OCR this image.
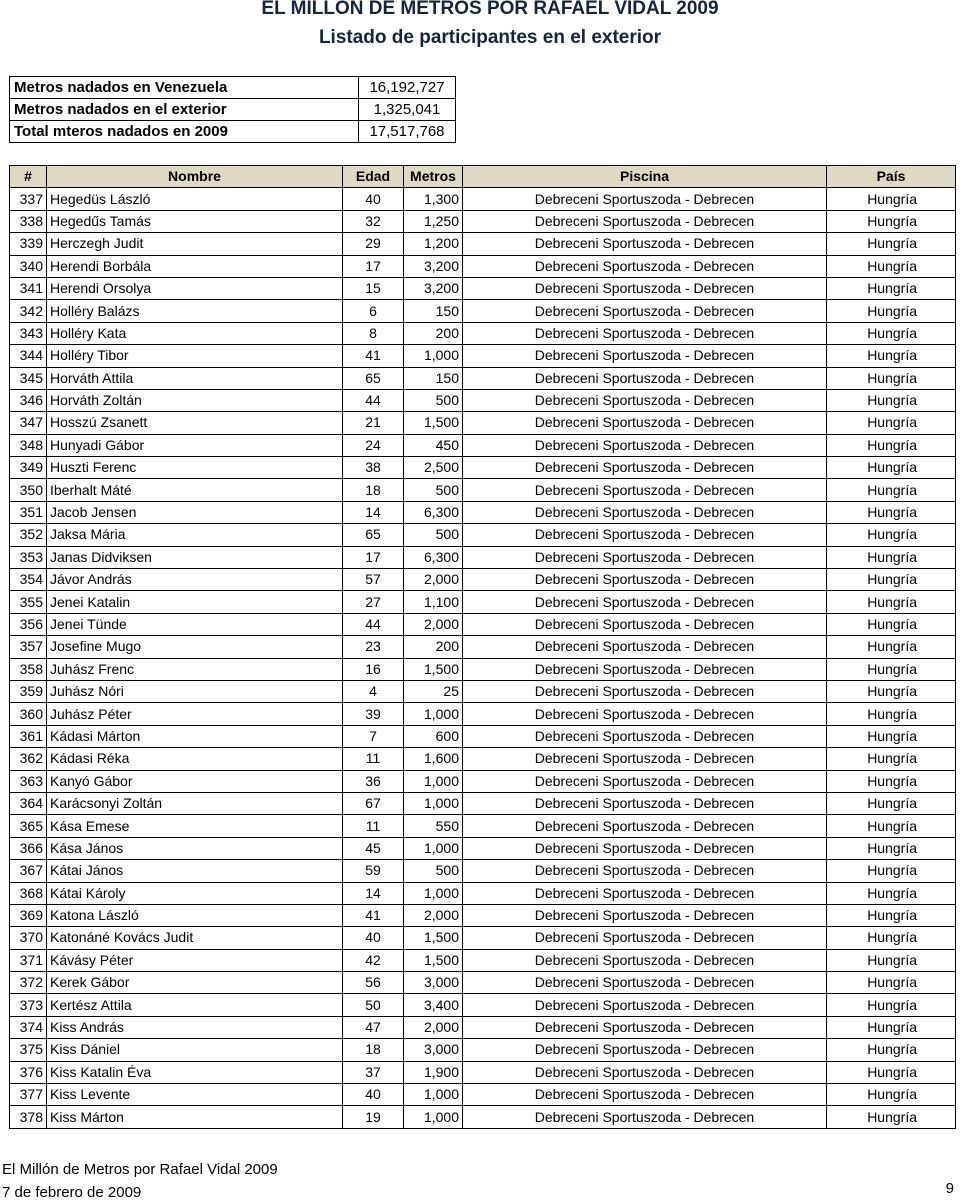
EL MILLON DE METROS POR RAFAEL VIDAL 2009
Listado de participantes en el exterior
Metros nadados en Venezuela	16,192,727
Metros nadados en el exterior	1,325,041
Total mteros nadados en 2009	17,517,768
#	Nombre	Edad	Metros	Piscina	País
337	Hegedüs László	40	1,300	Debreceni Sportuszoda - Debrecen	Hungría
338	Hegedűs Tamás	32	1,250	Debreceni Sportuszoda - Debrecen	Hungría
339	Herczegh Judit	29	1,200	Debreceni Sportuszoda - Debrecen	Hungría
340	Herendi Borbála	17	3,200	Debreceni Sportuszoda - Debrecen	Hungría
341	Herendi Orsolya	15	3,200	Debreceni Sportuszoda - Debrecen	Hungría
342	Holléry Balázs	6	150	Debreceni Sportuszoda - Debrecen	Hungría
343	Holléry Kata	8	200	Debreceni Sportuszoda - Debrecen	Hungría
344	Holléry Tibor	41	1,000	Debreceni Sportuszoda - Debrecen	Hungría
345	Horváth Attila	65	150	Debreceni Sportuszoda - Debrecen	Hungría
346	Horváth Zoltán	44	500	Debreceni Sportuszoda - Debrecen	Hungría
347	Hosszú Zsanett	21	1,500	Debreceni Sportuszoda - Debrecen	Hungría
348	Hunyadi Gábor	24	450	Debreceni Sportuszoda - Debrecen	Hungría
349	Huszti Ferenc	38	2,500	Debreceni Sportuszoda - Debrecen	Hungría
350	Iberhalt Máté	18	500	Debreceni Sportuszoda - Debrecen	Hungría
351	Jacob Jensen	14	6,300	Debreceni Sportuszoda - Debrecen	Hungría
352	Jaksa Mária	65	500	Debreceni Sportuszoda - Debrecen	Hungría
353	Janas Didviksen	17	6,300	Debreceni Sportuszoda - Debrecen	Hungría
354	Jávor András	57	2,000	Debreceni Sportuszoda - Debrecen	Hungría
355	Jenei Katalin	27	1,100	Debreceni Sportuszoda - Debrecen	Hungría
356	Jenei Tünde	44	2,000	Debreceni Sportuszoda - Debrecen	Hungría
357	Josefine Mugo	23	200	Debreceni Sportuszoda - Debrecen	Hungría
358	Juhász Frenc	16	1,500	Debreceni Sportuszoda - Debrecen	Hungría
359	Juhász Nóri	4	25	Debreceni Sportuszoda - Debrecen	Hungría
360	Juhász Péter	39	1,000	Debreceni Sportuszoda - Debrecen	Hungría
361	Kádasi Márton	7	600	Debreceni Sportuszoda - Debrecen	Hungría
362	Kádasi Réka	11	1,600	Debreceni Sportuszoda - Debrecen	Hungría
363	Kanyó Gábor	36	1,000	Debreceni Sportuszoda - Debrecen	Hungría
364	Karácsonyi Zoltán	67	1,000	Debreceni Sportuszoda - Debrecen	Hungría
365	Kása Emese	11	550	Debreceni Sportuszoda - Debrecen	Hungría
366	Kása János	45	1,000	Debreceni Sportuszoda - Debrecen	Hungría
367	Kátai János	59	500	Debreceni Sportuszoda - Debrecen	Hungría
368	Kátai Károly	14	1,000	Debreceni Sportuszoda - Debrecen	Hungría
369	Katona László	41	2,000	Debreceni Sportuszoda - Debrecen	Hungría
370	Katonáné Kovács Judit	40	1,500	Debreceni Sportuszoda - Debrecen	Hungría
371	Kávásy Péter	42	1,500	Debreceni Sportuszoda - Debrecen	Hungría
372	Kerek Gábor	56	3,000	Debreceni Sportuszoda - Debrecen	Hungría
373	Kertész Attila	50	3,400	Debreceni Sportuszoda - Debrecen	Hungría
374	Kiss András	47	2,000	Debreceni Sportuszoda - Debrecen	Hungría
375	Kiss Dániel	18	3,000	Debreceni Sportuszoda - Debrecen	Hungría
376	Kiss Katalin Éva	37	1,900	Debreceni Sportuszoda - Debrecen	Hungría
377	Kiss Levente	40	1,000	Debreceni Sportuszoda - Debrecen	Hungría
378	Kiss Márton	19	1,000	Debreceni Sportuszoda - Debrecen	Hungría
El Millón de Metros por Rafael Vidal 2009
7 de febrero de 2009	9
